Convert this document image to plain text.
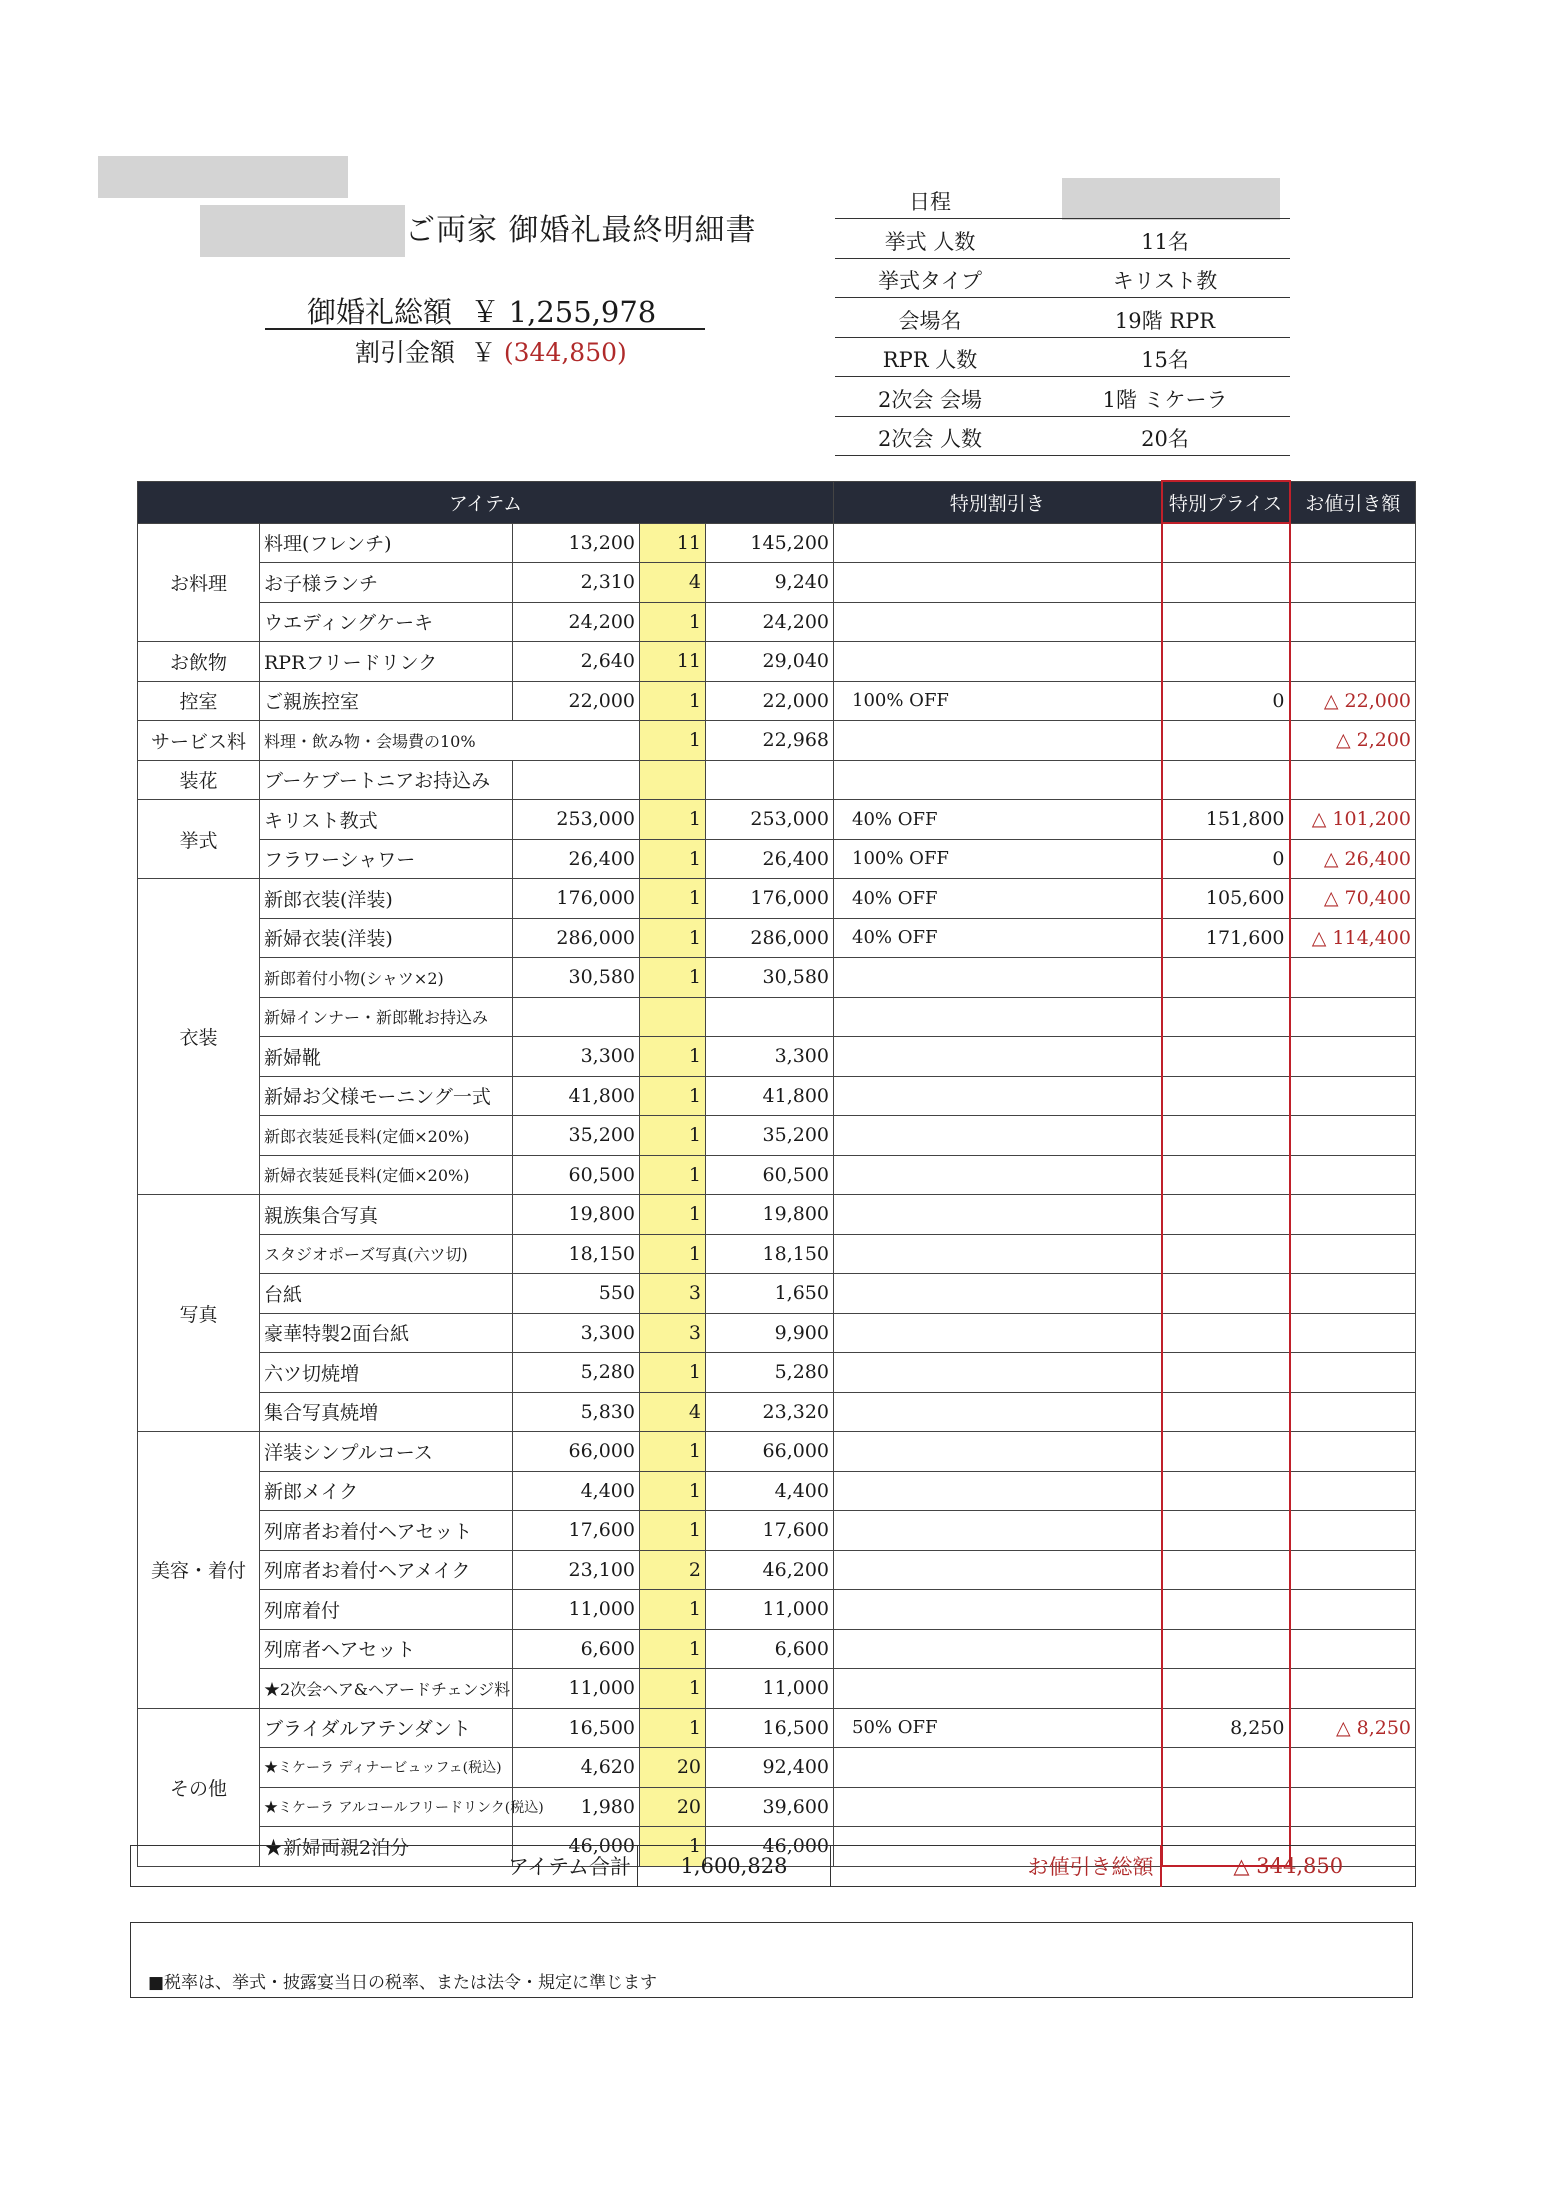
ご両家 御婚礼最終明細書
御婚礼総額 ￥ 1,255,978
割引金額 ￥ (344,850)
日程
挙式 人数	11名
挙式タイプ	キリスト教
会場名	19階 RPR
RPR 人数	15名
2次会 会場	1階 ミケーラ
2次会 人数	20名
アイテム					特別割引き	特別プライス	お値引き額
お料理	料理(フレンチ)	13,200	11	145,200			
	お子様ランチ	2,310	4	9,240			
	ウエディングケーキ	24,200	1	24,200			
お飲物	RPRフリードリンク	2,640	11	29,040			
控室	ご親族控室	22,000	1	22,000	100% OFF	0	△ 22,000
サービス料	料理・飲み物・会場費の10%		1	22,968			△ 2,200
装花	ブーケブートニアお持込み						
挙式	キリスト教式	253,000	1	253,000	40% OFF	151,800	△ 101,200
	フラワーシャワー	26,400	1	26,400	100% OFF	0	△ 26,400
衣装	新郎衣装(洋装)	176,000	1	176,000	40% OFF	105,600	△ 70,400
	新婦衣装(洋装)	286,000	1	286,000	40% OFF	171,600	△ 114,400
	新郎着付小物(シャツ×2)	30,580	1	30,580			
	新婦インナー・新郎靴お持込み						
	新婦靴	3,300	1	3,300			
	新婦お父様モーニング一式	41,800	1	41,800			
	新郎衣装延長料(定価×20%)	35,200	1	35,200			
	新婦衣装延長料(定価×20%)	60,500	1	60,500			
写真	親族集合写真	19,800	1	19,800			
	スタジオポーズ写真(六ツ切)	18,150	1	18,150			
	台紙	550	3	1,650			
	豪華特製2面台紙	3,300	3	9,900			
	六ツ切焼増	5,280	1	5,280			
	集合写真焼増	5,830	4	23,320			
美容・着付	洋装シンプルコース	66,000	1	66,000			
	新郎メイク	4,400	1	4,400			
	列席者お着付ヘアセット	17,600	1	17,600			
	列席者お着付ヘアメイク	23,100	2	46,200			
	列席着付	11,000	1	11,000			
	列席者ヘアセット	6,600	1	6,600			
	★2次会ヘア&ヘアードチェンジ料	11,000	1	11,000			
その他	ブライダルアテンダント	16,500	1	16,500	50% OFF	8,250	△ 8,250
	★ミケーラ ディナービュッフェ(税込)	4,620	20	92,400			
	★ミケーラ アルコールフリードリンク(税込)	1,980	20	39,600			
	★新婦両親2泊分	46,000	1	46,000			
アイテム合計	1,600,828	お値引き総額	△ 344,850
■税率は、挙式・披露宴当日の税率、または法令・規定に準じます
